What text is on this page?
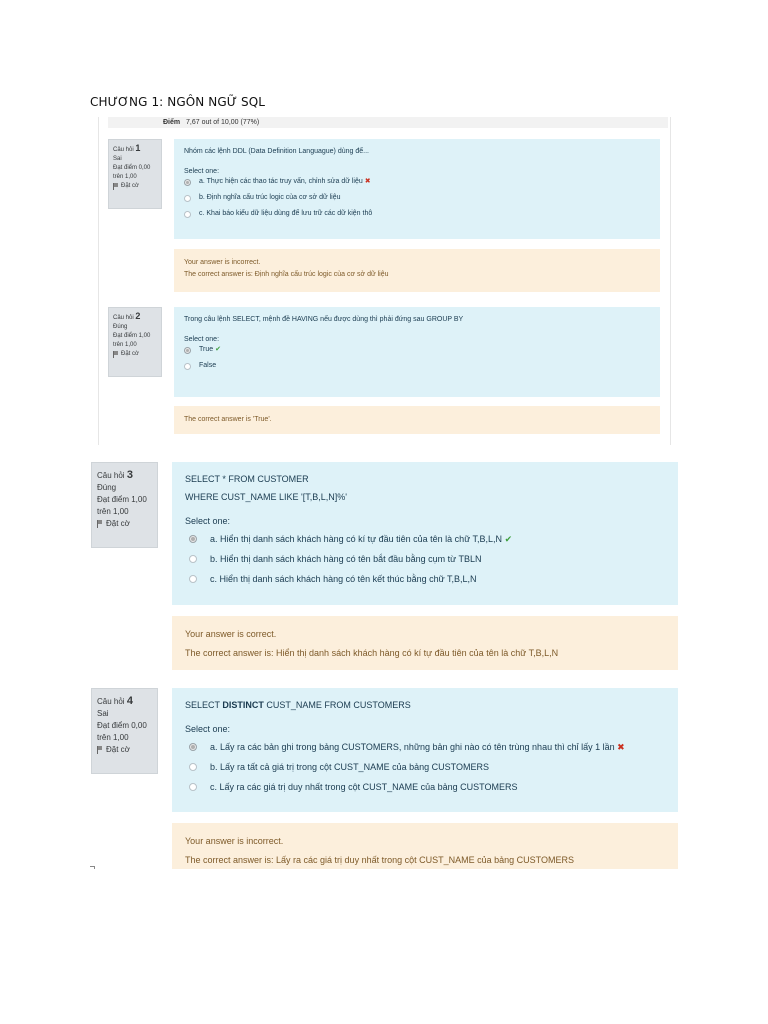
CHƯƠNG 1: NGÔN NGỮ SQL
Điểm 7,67 out of 10,00 (77%)
Câu hỏi 1
Sai
Đạt điểm 0,00
trên 1,00
Đặt cờ
Nhóm các lệnh DDL (Data Definition Languague) dùng để...
Select one:
a. Thực hiện các thao tác truy vấn, chỉnh sửa dữ liệu
✖
b. Định nghĩa cấu trúc logic của cơ sở dữ liệu
c. Khai báo kiểu dữ liệu dùng để lưu trữ các dữ kiện thô
Your answer is incorrect.
The correct answer is: Định nghĩa cấu trúc logic của cơ sở dữ liệu
Câu hỏi 2
Đúng
Đạt điểm 1,00
trên 1,00
Đặt cờ
Trong câu lệnh SELECT, mệnh đề HAVING nếu được dùng thì phải đứng sau GROUP BY
Select one:
True
✔
False
The correct answer is 'True'.
Câu hỏi 3
Đúng
Đạt điểm 1,00
trên 1,00
Đặt cờ
SELECT * FROM CUSTOMER
WHERE CUST_NAME LIKE '[T,B,L,N]%'
Select one:
a. Hiển thị danh sách khách hàng có kí tự đầu tiên của tên là chữ T,B,L,N
✔
b. Hiển thị danh sách khách hàng có tên bắt đầu bằng cụm từ TBLN
c. Hiển thị danh sách khách hàng có tên kết thúc bằng chữ T,B,L,N
Your answer is correct.
The correct answer is: Hiển thị danh sách khách hàng có kí tự đầu tiên của tên là chữ T,B,L,N
Câu hỏi 4
Sai
Đạt điểm 0,00
trên 1,00
Đặt cờ
SELECT DISTINCT CUST_NAME FROM CUSTOMERS
Select one:
a. Lấy ra các bản ghi trong bảng CUSTOMERS, những bản ghi nào có tên trùng nhau thì chỉ lấy 1 lần
✖
b. Lấy ra tất cả giá trị trong cột CUST_NAME của bảng CUSTOMERS
c. Lấy ra các giá trị duy nhất trong cột CUST_NAME của bảng CUSTOMERS
Your answer is incorrect.
The correct answer is: Lấy ra các giá trị duy nhất trong cột CUST_NAME của bảng CUSTOMERS
